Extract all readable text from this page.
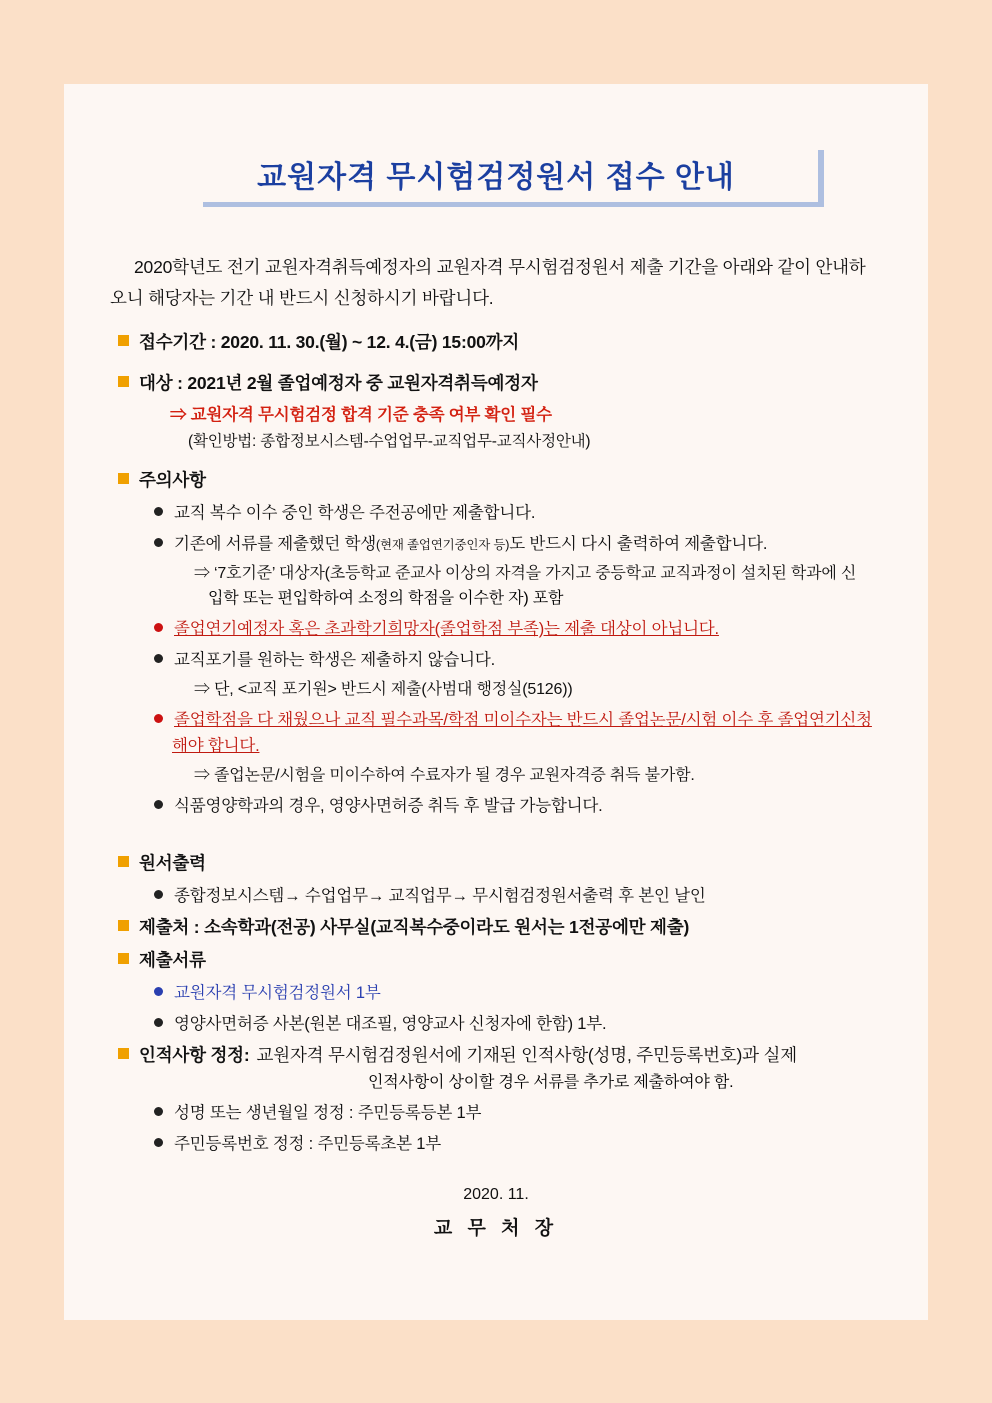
교원자격 무시험검정원서 접수 안내
2020학년도 전기 교원자격취득예정자의 교원자격 무시험검정원서 제출 기간을 아래와 같이 안내하오니 해당자는 기간 내 반드시 신청하시기 바랍니다.
접수기간 : 2020. 11. 30.(월) ~ 12. 4.(금) 15:00까지
대상 : 2021년 2월 졸업예정자 중 교원자격취득예정자
⇒ 교원자격 무시험검정 합격 기준 충족 여부 확인 필수
(확인방법: 종합정보시스템-수업업무-교직업무-교직사정안내)
주의사항
교직 복수 이수 중인 학생은 주전공에만 제출합니다.
기존에 서류를 제출했던 학생(현재 졸업연기중인자 등)도 반드시 다시 출력하여 제출합니다.
⇒ ‘7호기준’ 대상자(초등학교 준교사 이상의 자격을 가지고 중등학교 교직과정이 설치된 학과에 신
입학 또는 편입학하여 소정의 학점을 이수한 자) 포함
졸업연기예정자 혹은 초과학기희망자(졸업학점 부족)는 제출 대상이 아닙니다.
교직포기를 원하는 학생은 제출하지 않습니다.
⇒ 단, <교직 포기원> 반드시 제출(사범대 행정실(5126))
졸업학점을 다 채웠으나 교직 필수과목/학점 미이수자는 반드시 졸업논문/시험 이수 후 졸업연기신청
해야 합니다.
⇒ 졸업논문/시험을 미이수하여 수료자가 될 경우 교원자격증 취득 불가함.
식품영양학과의 경우, 영양사면허증 취득 후 발급 가능합니다.
원서출력
종합정보시스템→ 수업업무→ 교직업무→ 무시험검정원서출력 후 본인 날인
제출처 : 소속학과(전공) 사무실(교직복수중이라도 원서는 1전공에만 제출)
제출서류
교원자격 무시험검정원서 1부
영양사면허증 사본(원본 대조필, 영양교사 신청자에 한함) 1부.
인적사항 정정: 교원자격 무시험검정원서에 기재된 인적사항(성명, 주민등록번호)과 실제
인적사항이 상이할 경우 서류를 추가로 제출하여야 함.
성명 또는 생년월일 정정 : 주민등록등본 1부
주민등록번호 정정 : 주민등록초본 1부
2020. 11.
교 무 처 장
